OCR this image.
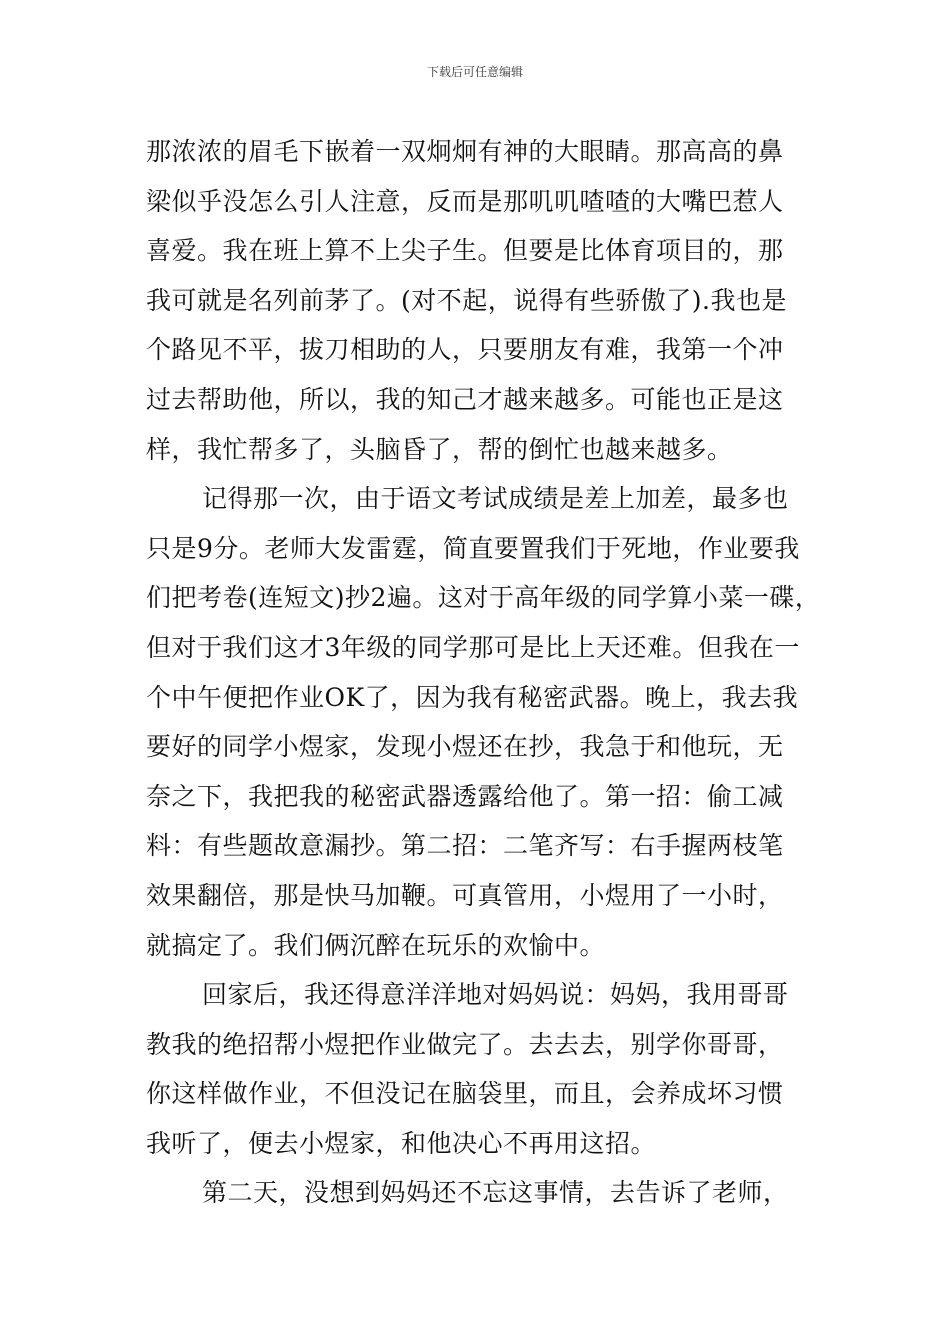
下载后可任意编辑
那浓浓的眉毛下嵌着一双炯炯有神的大眼睛。那高高的鼻
梁似乎没怎么引人注意，反而是那叽叽喳喳的大嘴巴惹人
喜爱。我在班上算不上尖子生。但要是比体育项目的，那
我可就是名列前茅了。(对不起，说得有些骄傲了).我也是
个路见不平，拔刀相助的人，只要朋友有难，我第一个冲
过去帮助他，所以，我的知己才越来越多。可能也正是这
样，我忙帮多了，头脑昏了，帮的倒忙也越来越多。
记得那一次，由于语文考试成绩是差上加差，最多也
只是9分。老师大发雷霆，简直要置我们于死地，作业要我
们把考卷(连短文)抄2遍。这对于高年级的同学算小菜一碟，
但对于我们这才3年级的同学那可是比上天还难。但我在一
个中午便把作业OK了，因为我有秘密武器。晚上，我去我
要好的同学小煜家，发现小煜还在抄，我急于和他玩，无
奈之下，我把我的秘密武器透露给他了。第一招：偷工减
料：有些题故意漏抄。第二招：二笔齐写：右手握两枝笔
效果翻倍，那是快马加鞭。可真管用，小煜用了一小时，
就搞定了。我们俩沉醉在玩乐的欢愉中。
回家后，我还得意洋洋地对妈妈说：妈妈，我用哥哥
教我的绝招帮小煜把作业做完了。去去去，别学你哥哥，
你这样做作业，不但没记在脑袋里，而且，会养成坏习惯
我听了，便去小煜家，和他决心不再用这招。
第二天，没想到妈妈还不忘这事情，去告诉了老师，
